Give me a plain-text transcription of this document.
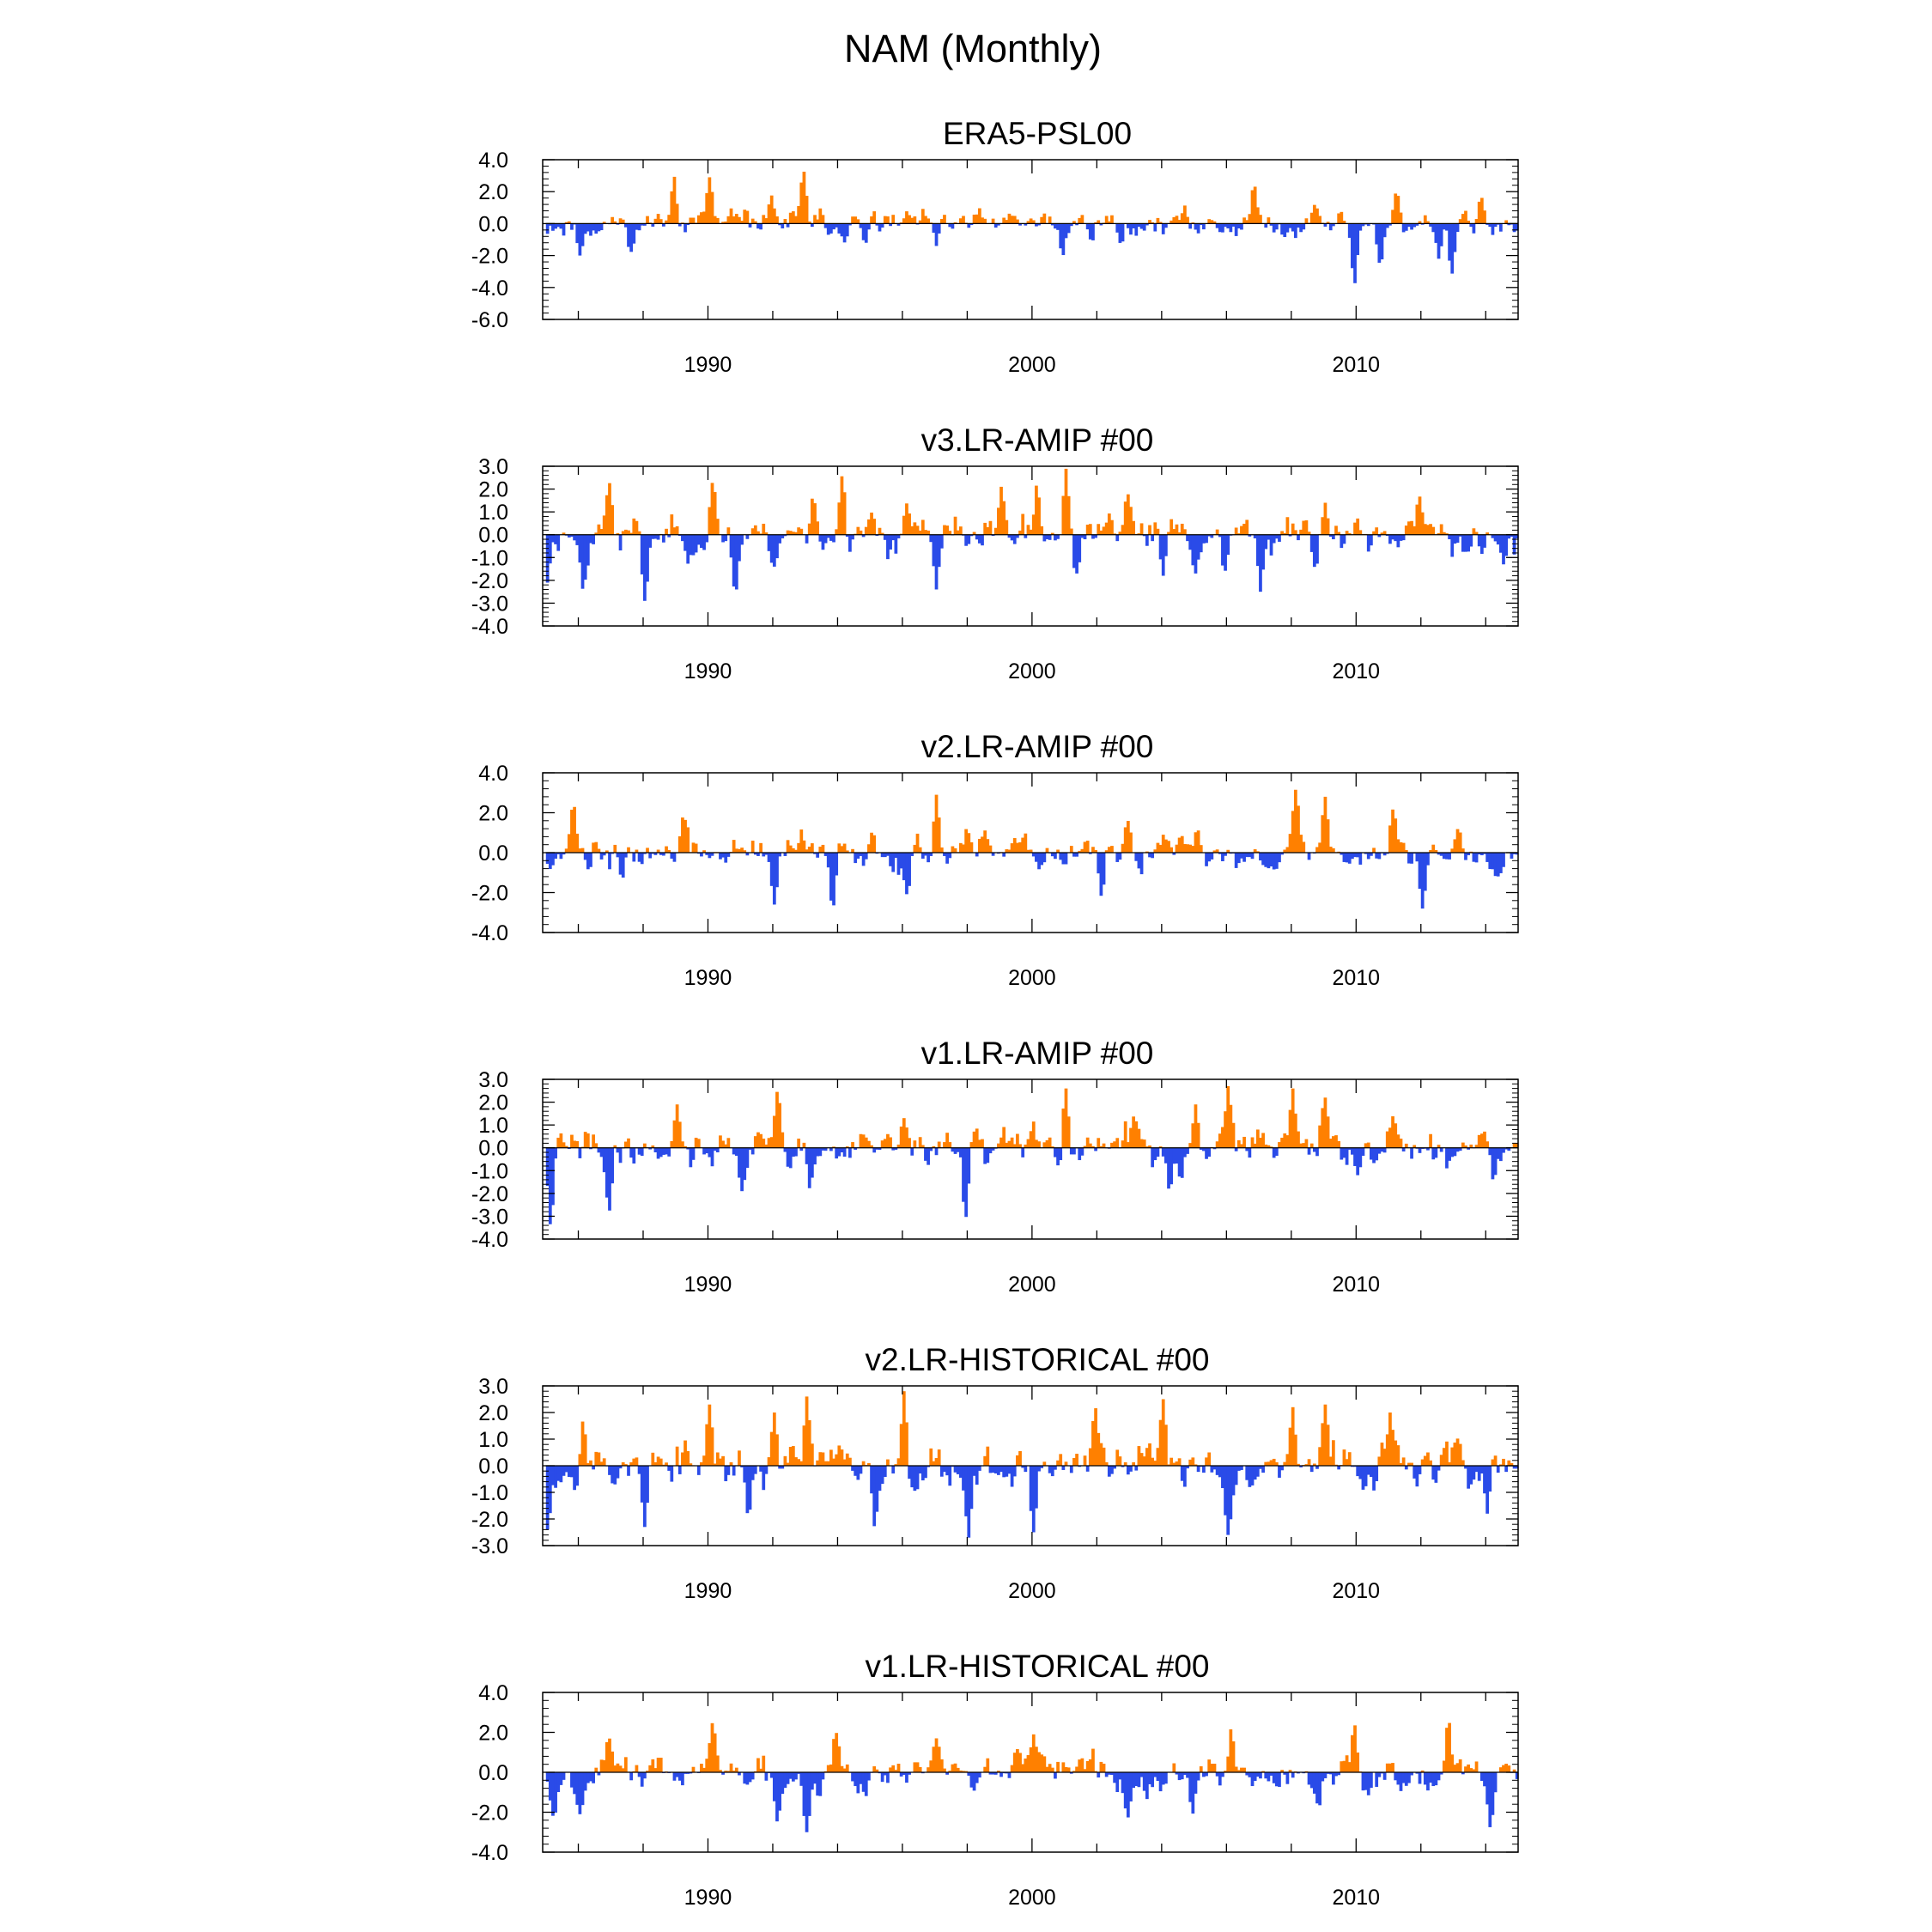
NAM (Monthly)
ERA5-PSL00
4.0
2.0
0.0
-2.0
-4.0
-6.0
1990	2000	2010
v3.LR-AMIP #00
3.0
2.0
1.0
0.0
-1.0
-2.0
-3.0
-4.0
1990	2000	2010
v2.LR-AMIP #00
4.0
2.0
0.0
-2.0
-4.0
1990	2000	2010
v1.LR-AMIP #00
3.0
2.0
1.0
0.0
-1.0
-2.0
-3.0
-4.0
1990	2000	2010
v2.LR-HISTORICAL #00
3.0
2.0
1.0
0.0
-1.0
-2.0
-3.0
1990	2000	2010
v1.LR-HISTORICAL #00
4.0
2.0
0.0
-2.0
-4.0
1990	2000	2010
